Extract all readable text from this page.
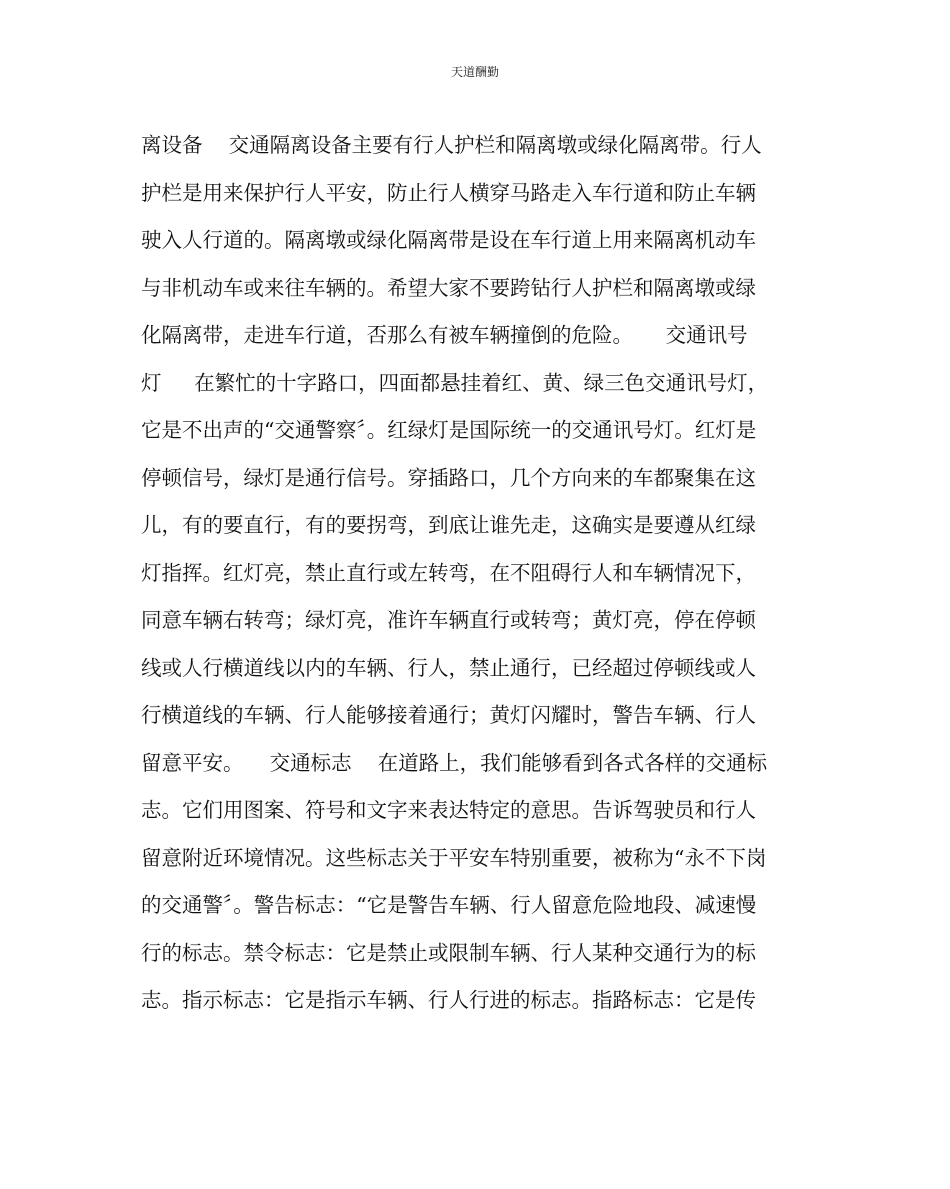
天道酬勤
离设备    交通隔离设备主要有行人护栏和隔离墩或绿化隔离带。行人
护栏是用来保护行人平安，防止行人横穿马路走入车行道和防止车辆
驶入人行道的。隔离墩或绿化隔离带是设在车行道上用来隔离机动车
与非机动车或来往车辆的。希望大家不要跨钻行人护栏和隔离墩或绿
化隔离带，走进车行道，否那么有被车辆撞倒的危险。     交通讯号
灯     在繁忙的十字路口，四面都悬挂着红、黄、绿三色交通讯号灯，
它是不出声的“交通警察〞。红绿灯是国际统一的交通讯号灯。红灯是
停顿信号，绿灯是通行信号。穿插路口，几个方向来的车都聚集在这
儿，有的要直行，有的要拐弯，到底让谁先走，这确实是要遵从红绿
灯指挥。红灯亮，禁止直行或左转弯，在不阻碍行人和车辆情况下，
同意车辆右转弯；绿灯亮，准许车辆直行或转弯；黄灯亮，停在停顿
线或人行横道线以内的车辆、行人，禁止通行，已经超过停顿线或人
行横道线的车辆、行人能够接着通行；黄灯闪耀时，警告车辆、行人
留意平安。    交通标志    在道路上，我们能够看到各式各样的交通标
志。它们用图案、符号和文字来表达特定的意思。告诉驾驶员和行人
留意附近环境情况。这些标志关于平安车特别重要，被称为“永不下岗
的交通警〞。警告标志：“它是警告车辆、行人留意危险地段、减速慢
行的标志。禁令标志：它是禁止或限制车辆、行人某种交通行为的标
志。指示标志：它是指示车辆、行人行进的标志。指路标志：它是传
